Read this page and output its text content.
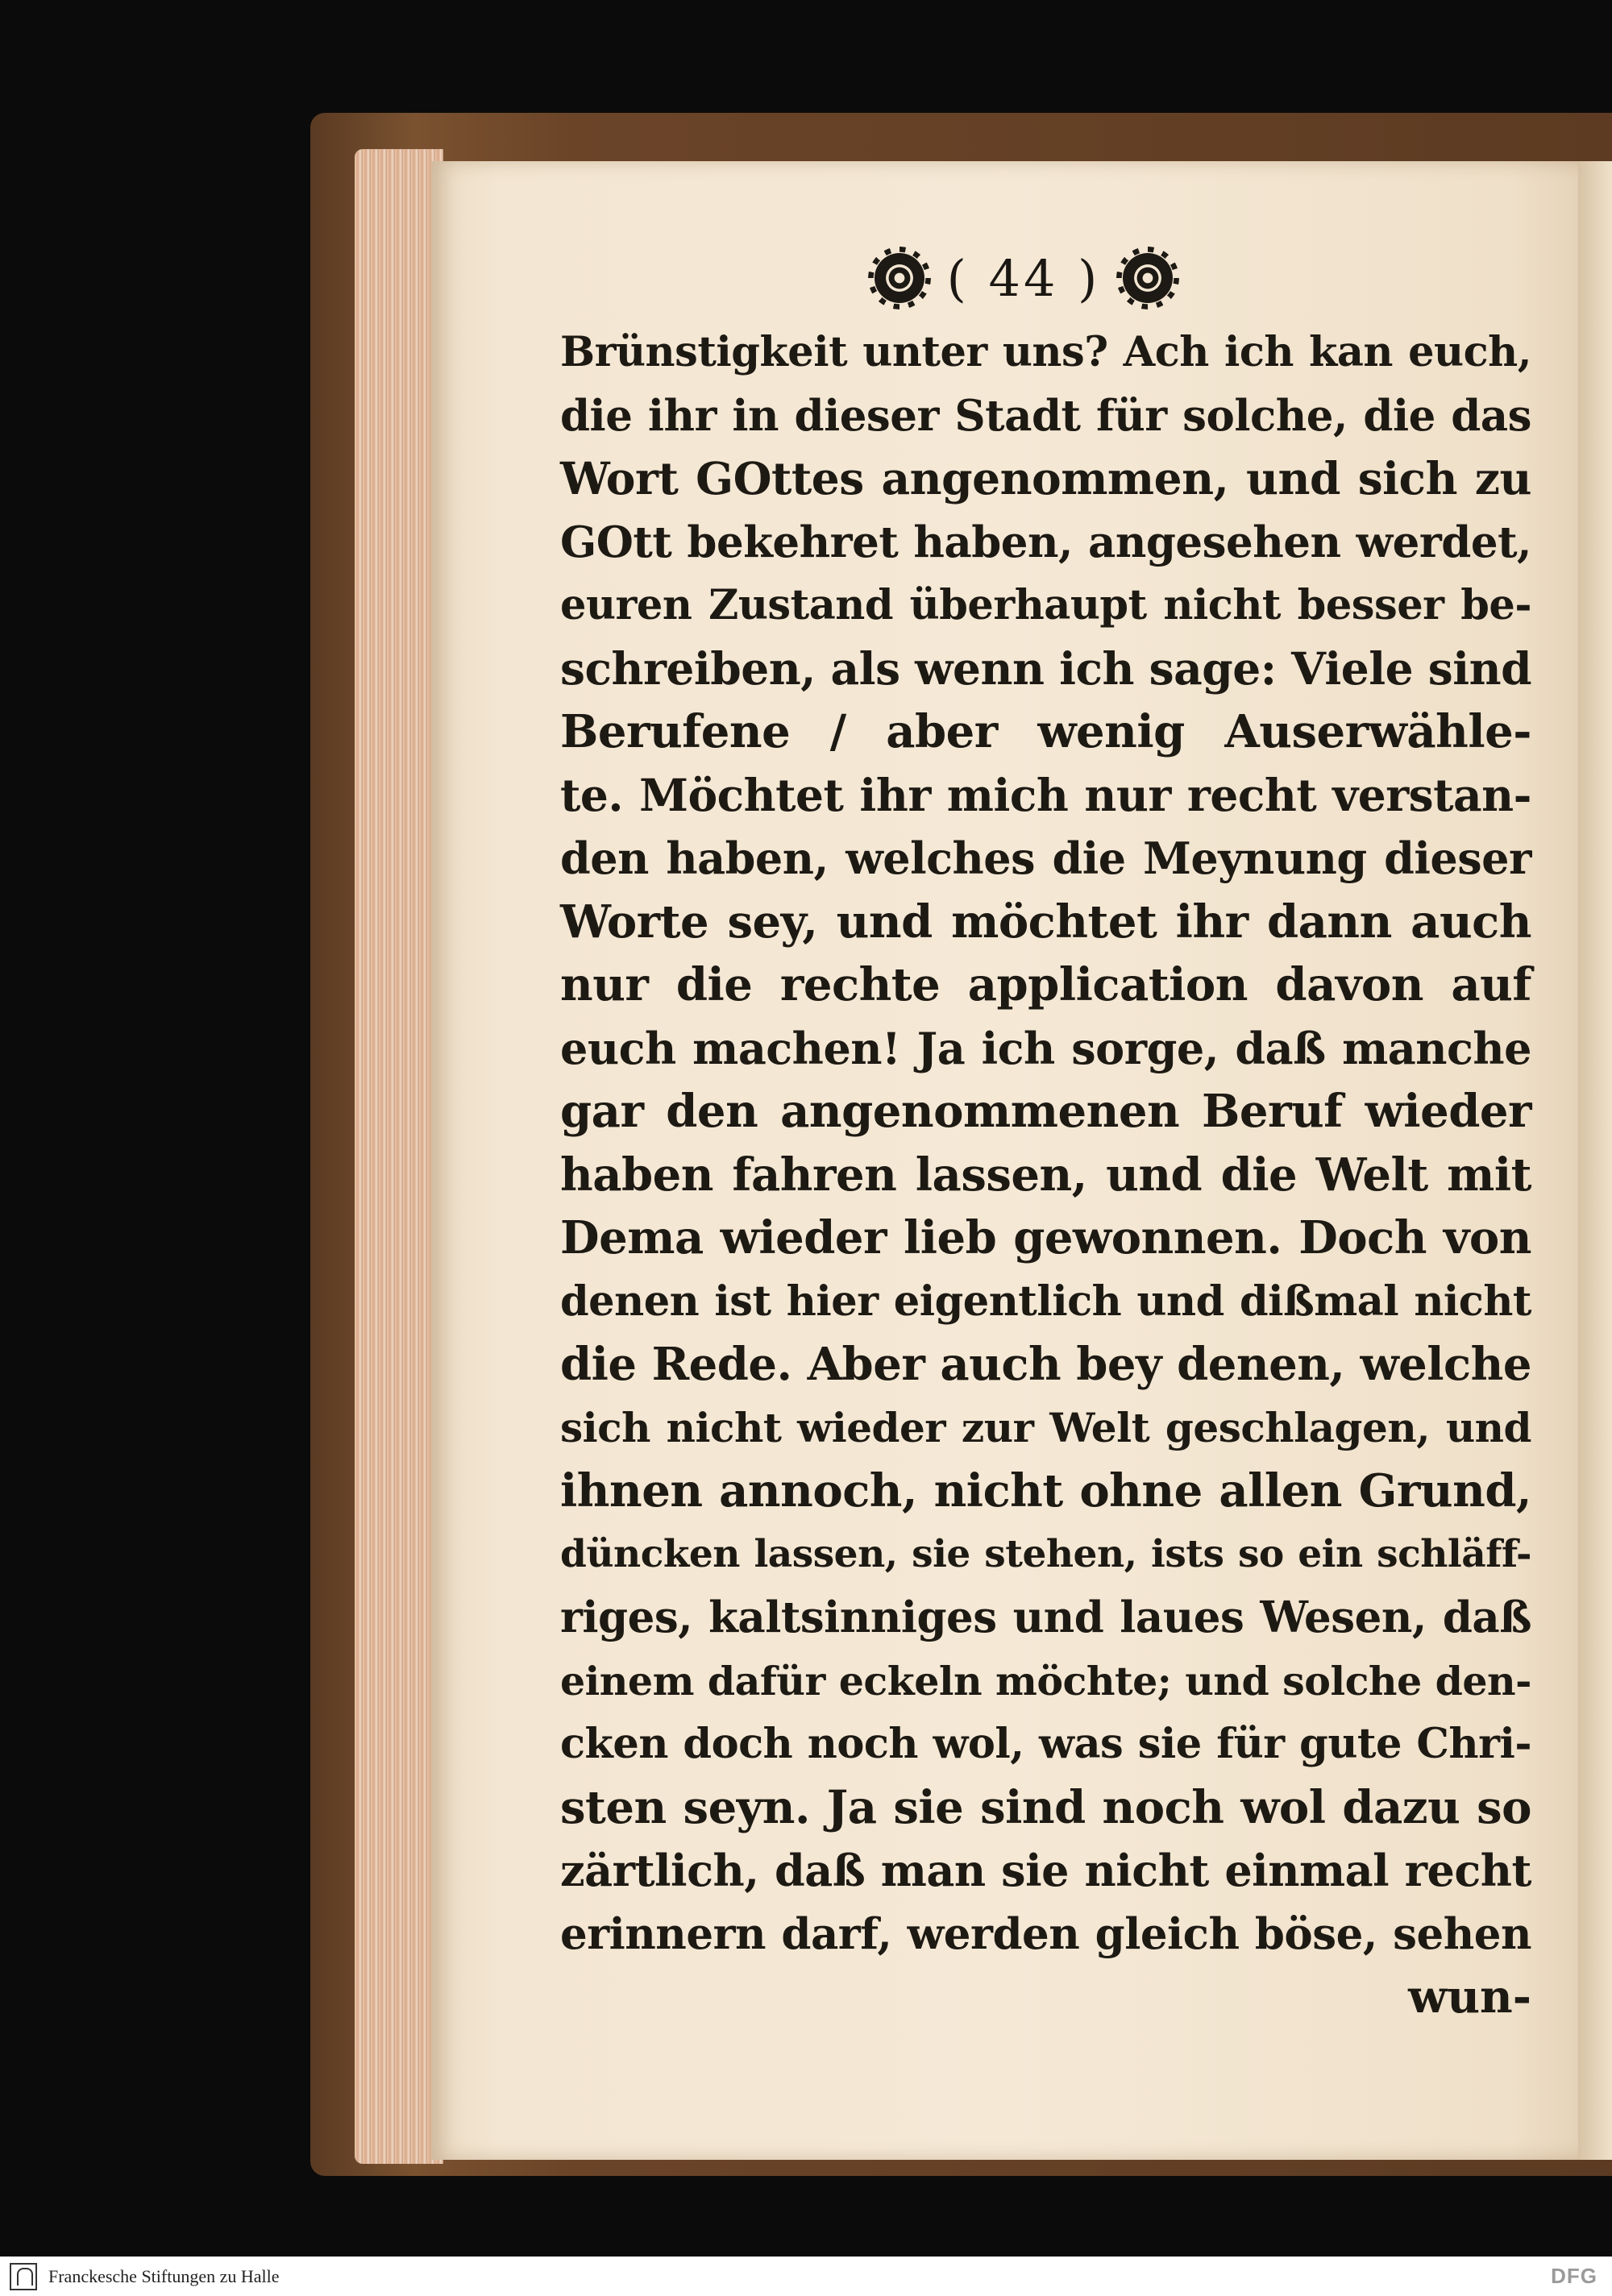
( 44 )
Brünstigkeit unter uns? Ach ich kan euch,
die ihr in dieser Stadt für solche, die das
Wort GOttes angenommen, und sich zu
GOtt bekehret haben, angesehen werdet,
euren Zustand überhaupt nicht besser be-
schreiben, als wenn ich sage: Viele sind
Berufene / aber wenig Auserwähle-
te. Möchtet ihr mich nur recht verstan-
den haben, welches die Meynung dieser
Worte sey, und möchtet ihr dann auch
nur die rechte application davon auf
euch machen! Ja ich sorge, daß manche
gar den angenommenen Beruf wieder
haben fahren lassen, und die Welt mit
Dema wieder lieb gewonnen. Doch von
denen ist hier eigentlich und dißmal nicht
die Rede. Aber auch bey denen, welche
sich nicht wieder zur Welt geschlagen, und
ihnen annoch, nicht ohne allen Grund,
düncken lassen, sie stehen, ists so ein schläff-
riges, kaltsinniges und laues Wesen, daß
einem dafür eckeln möchte; und solche den-
cken doch noch wol, was sie für gute Chri-
sten seyn. Ja sie sind noch wol dazu so
zärtlich, daß man sie nicht einmal recht
erinnern darf, werden gleich böse, sehen
wun-
Franckesche Stiftungen zu Halle	DFG
